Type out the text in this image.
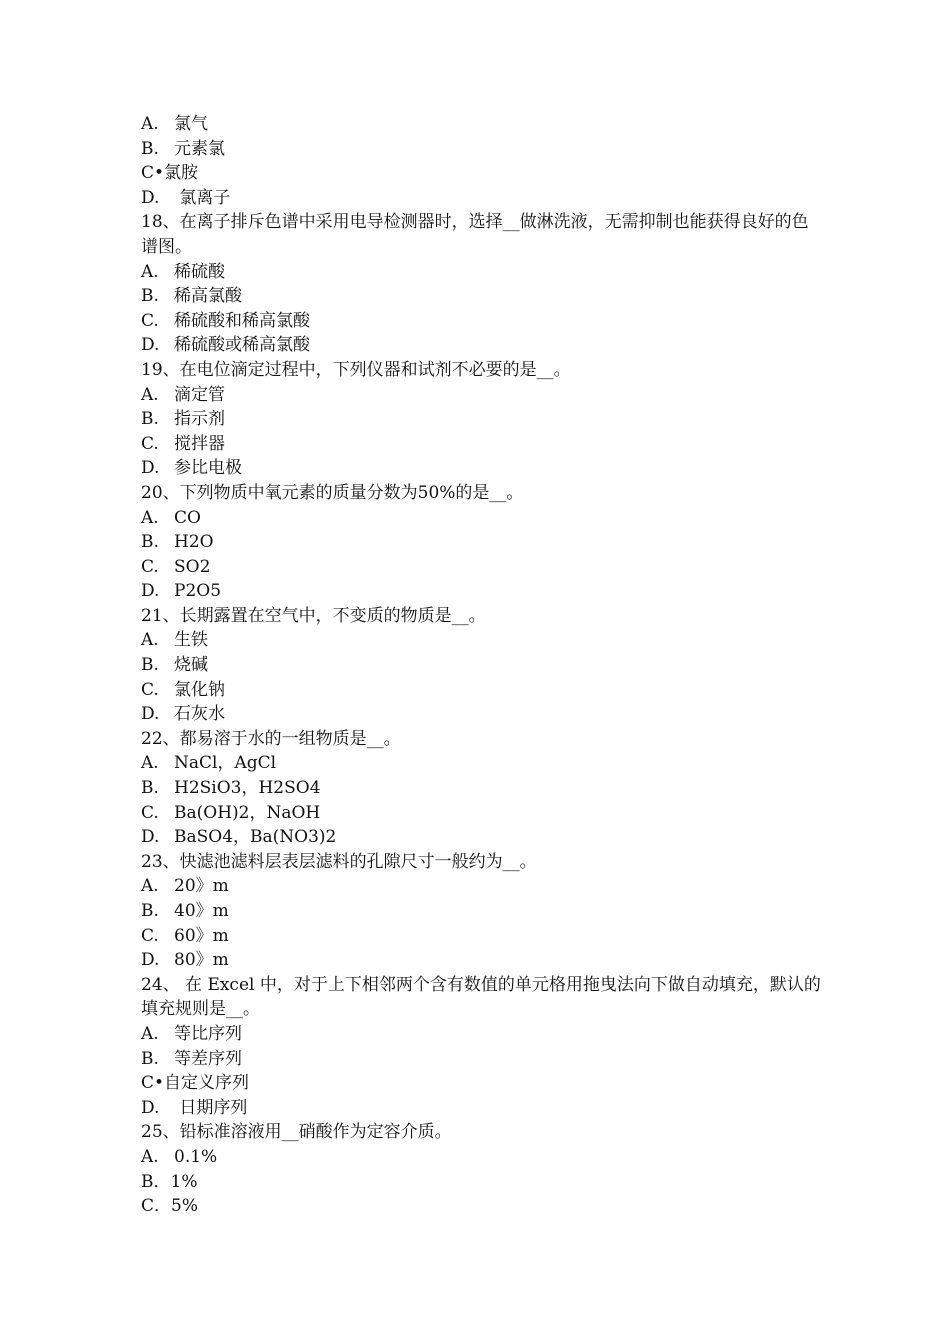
A. 氯气
B. 元素氯
C•氯胺
D. 氯离子
18、在离子排斥色谱中采用电导检测器时，选择__做淋洗液，无需抑制也能获得良好的色谱图。
A. 稀硫酸
B. 稀高氯酸
C. 稀硫酸和稀高氯酸
D. 稀硫酸或稀高氯酸
19、在电位滴定过程中，下列仪器和试剂不必要的是__。
A. 滴定管
B. 指示剂
C. 搅拌器
D. 参比电极
20、下列物质中氧元素的质量分数为50%的是__。
A. CO
B. H2O
C. SO2
D. P2O5
21、长期露置在空气中，不变质的物质是__。
A. 生铁
B. 烧碱
C. 氯化钠
D. 石灰水
22、都易溶于水的一组物质是__。
A. NaCl，AgCl
B. H2SiO3，H2SO4
C. Ba(OH)2，NaOH
D. BaSO4，Ba(NO3)2
23、快滤池滤料层表层滤料的孔隙尺寸一般约为__。
A. 20》m
B. 40》m
C. 60》m
D. 80》m
24、 在 Excel 中，对于上下相邻两个含有数值的单元格用拖曳法向下做自动填充，默认的填充规则是__。
A. 等比序列
B. 等差序列
C•自定义序列
D. 日期序列
25、铅标准溶液用__硝酸作为定容介质。
A. 0.1%
B．1%
C．5%
